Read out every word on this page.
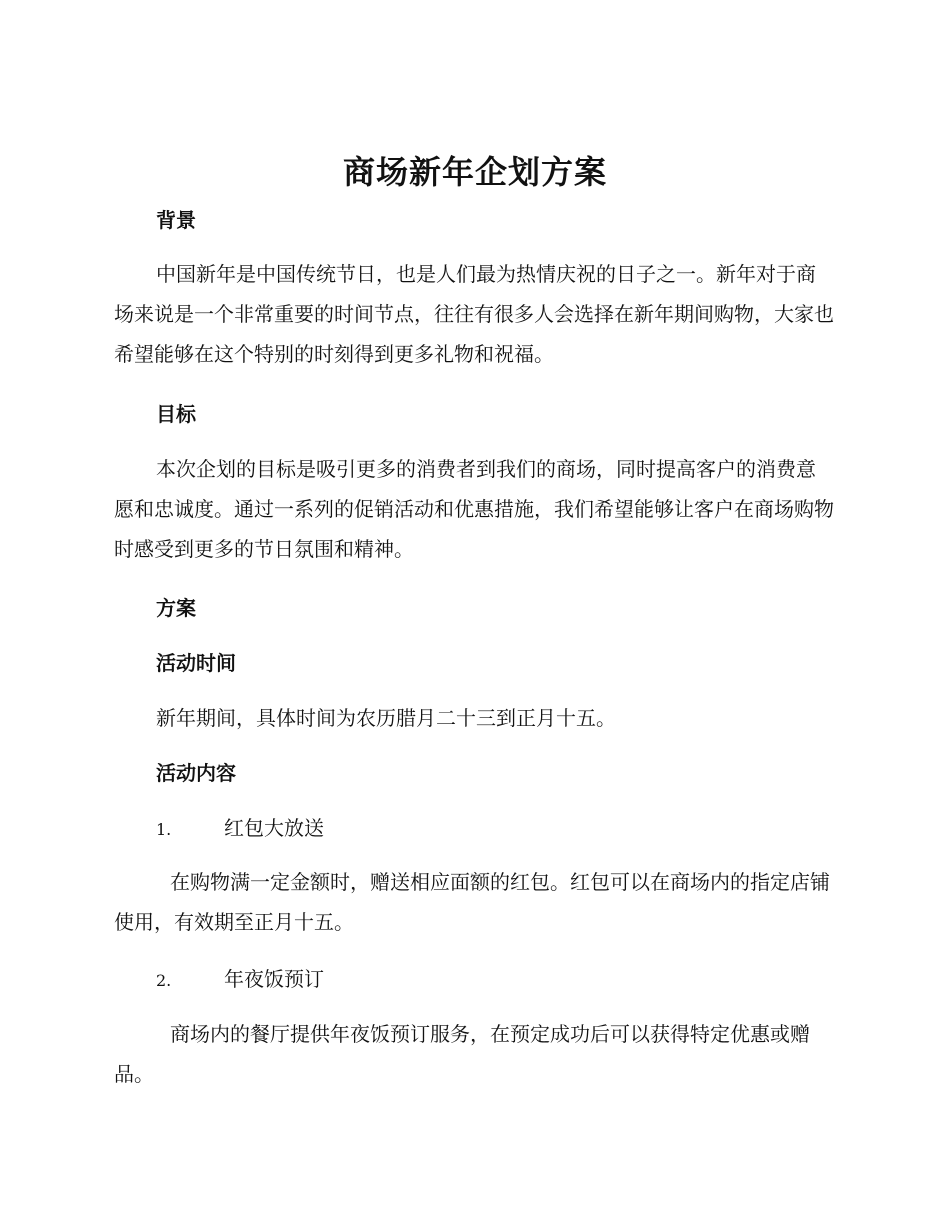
商场新年企划方案
背景

中国新年是中国传统节日，也是人们最为热情庆祝的日子之一。新年对于商场来说是一个非常重要的时间节点，往往有很多人会选择在新年期间购物，大家也希望能够在这个特别的时刻得到更多礼物和祝福。

目标

本次企划的目标是吸引更多的消费者到我们的商场，同时提高客户的消费意愿和忠诚度。通过一系列的促销活动和优惠措施，我们希望能够让客户在商场购物时感受到更多的节日氛围和精神。

方案
活动时间

新年期间，具体时间为农历腊月二十三到正月十五。

活动内容
1.	红包大放送

在购物满一定金额时，赠送相应面额的红包。红包可以在商场内的指定店铺使用，有效期至正月十五。

2.	年夜饭预订

商场内的餐厅提供年夜饭预订服务，在预定成功后可以获得特定优惠或赠品。
